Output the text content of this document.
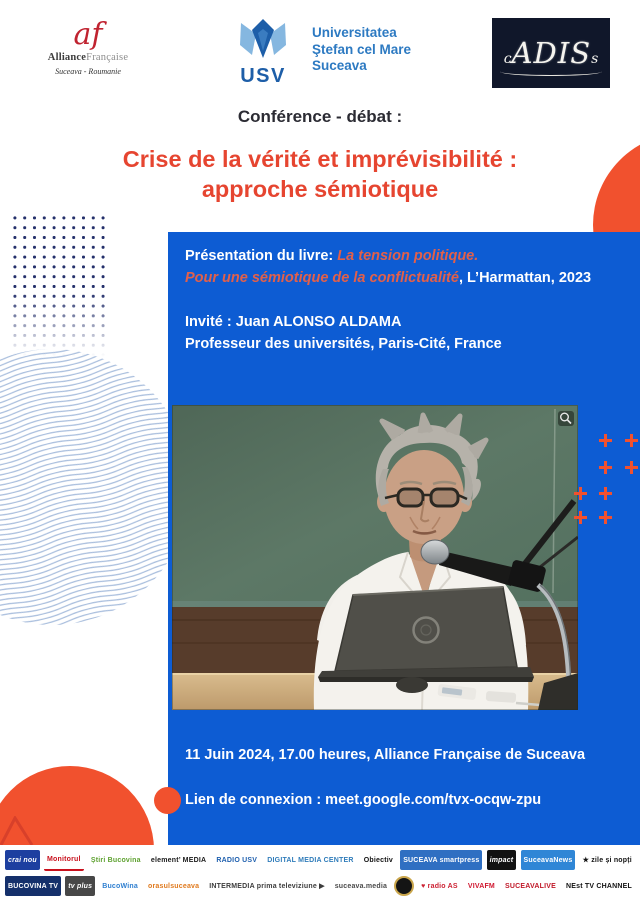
af
AllianceFrançaise
Suceava - Roumanie	USV
Universitatea
Ştefan cel Mare
Suceava	cADISs
Conférence - débat :
Crise de la vérité et imprévisibilité :
approche sémiotique
Présentation du livre: La tension politique.
Pour une sémiotique de la conflictualité, L’Harmattan, 2023
Invité : Juan ALONSO ALDAMA
Professeur des universités, Paris-Cité, France
11 Juin 2024, 17.00 heures, Alliance Française de Suceava
Lien de connexion : meet.google.com/tvx-ocqw-zpu
crai nou Monitorul Știri Bucovina element’ MEDIA RADIO USV DIGITAL MEDIA CENTER Obiectiv SUCEAVA smartpress impact SuceavaNews ★ zile și nopți
BUCOVINA TV tv plus BucoWina orasulsuceava INTERMEDIA prima televiziune ▶ suceava.media	♥ radio AS VIVAFM SUCEAVALIVE NEst TV CHANNEL
